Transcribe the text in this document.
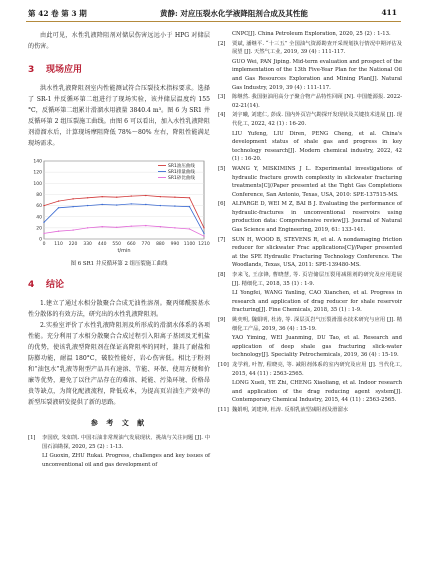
第 42 卷 第 3 期	黄静: 对应压裂水化学液降阻剂合成及其性能	411

由此可见，水性乳液降阻剂对储层伤害远远小于 HPG 对储层的伤害。

3 现场应用

洪水性乳液降阻剂室内性能测试符合压裂技术指标要求。选择了 SR-1 井反循环第二组进行了现场实验，该井储层温度约 155 °C，反循环第二组累计滑溜水用液量 3840.4 m³。图 6 为 SR1 井反循环第 2 组压裂施工曲线。由图 6 可以看出，加入水性乳液降阻剂滑溜水后，计算现场摩阻降低 78%～80% 左右，降阻性能满足现场需求。

0
20
40
60
80
100
120
140
0 110 220 330 440 550 660 770 880 990 1100 1210
t/min
SR1油压曲线
SR1排量曲线
SR1砂比曲线
图 6 SR1 井反循环第 2 组压裂施工曲线
4 结论

1.建立了通过水相分散聚合合成无油性溶剂。聚丙烯酰胺基水性分散体的有效方法，研究出的水性乳液降阻剂。

2.实验室评价了水性乳液降阻剂及所形成的滑溜水体系的各项性能。充分利用了水相分散聚合合成过程引入阳离子基团及无机盐的优势，使该乳液型降阻剂在保证高降阻率的同时，兼具了耐盐和防膨功能，耐温 180°C，破胶性能好，岩心伤害低。相比于粉剂和“油包水”乳液等附型产品具有速溶、节能、环保、使用方便和价廉等优势，避免了以往产品存在的难溶、耗能、污染环境、价格昂贵等缺点，为简化配液流程，降低成本，为提高页岩油生产效率的新型压裂液研发提供了新的思路。

参 考 文 献
[1]	李国欣, 朱如凯. 中国石油非常规油气发展现状、挑战与关注问题 [J]. 中国石油勘探, 2020, 25 (2) : 1-13.
LI Guoxin, ZHU Rukai. Progress, challenges and key issues of unconventional oil and gas development of
CNPC[J]. China Petroleum Exploration, 2020, 25 (2) : 1-13.
[2]	贾斌, 潘继平. “十三五” 全国油气资源勘查开采规划执行情况中期评估及展望 [J]. 天然气工业, 2019, 39 (4) : 111-117.
GUO Wei, PAN Jiping. Mid-term evaluation and prospect of the implementation of the 13th Five-Year Plan for the National Oil and Gas Resources Exploration and Mining Plan[J]. Natural Gas Industry, 2019, 39 (4) : 111-117.
[3]	陈继然. 我国驱油用高分子聚合物产品特性回顾 [N]. 中国能源报. 2022-02-21(14).
[4]	刘宇曦, 刘建仁, 彭成. 国内外页岩气勘探开发现状及关键技术进展 [J]. 现代化工, 2022, 42 (1) : 16-20.
LIU Yufeng, LIU Diren, PENG Cheng, et al. China's development status of shale gas and progress in key technology research[J]. Modern chemical industry, 2022, 42 (1) : 16-20.
[5]	WANG Y, MISKIMINS J L. Experimental investigations of hydraulic fracture growth complexity in slickwater fracturing treatments[C]//Paper presented at the Tight Gas Completions Conference, San Antonio, Texas, USA, 2010: SPE-137515-MS.
[6]	ALFARGE D, WEI M Z, BAI B J. Evaluating the performance of hydraulic-fractures in unconventional reservoirs using production data: Comprehensive review[J]. Journal of Natural Gas Science and Engineering, 2019, 61: 133-141.
[7]	SUN H, WOOD B, STEVENS R, et al. A nondamaging friction reducer for slickwater Frac applications[C]//Paper presented at the SPE Hydraulic Fracturing Technology Conference. The Woodlands, Texas, USA, 2011: SPE-139480-MS.
[8]	李来飞, 王彦锋, 曹晓慧, 等. 页岩储层压裂用减阻剂的研究及应用进展 [J]. 精细化工, 2018, 35 (1) : 1-9.
LI Yongfei, WANG Yanling, CAO Xianchen, et al. Progress in research and application of drag reducer for shale reservoir fracturing[J]. Fine Chemicals, 2018, 35 (1) : 1-9.
[9]	姚奕明, 魏娟明, 杜涛, 等. 深层页岩气压裂滑溜水技术研究与应用 [J]. 精细化工产品, 2019, 36 (4) : 15-19.
YAO Yiming, WEI Juanming, DU Tao, et al. Research and application of deep shale gas fracturing slick-water technology[J]. Speciality Petrochemicals, 2019, 36 (4) : 15-19.
[10] 龙学莉, 叶智, 程晓亮, 等. 减阻剂体系的室内研究及应用 [J]. 当代化工, 2015, 44 (11) : 2563-2565.
LONG Xueli, YE Zhi, CHENG Xiaoliang, et al. Indoor research and application of the drag reducing agent system[J]. Contemporary Chemical Industry, 2015, 44 (11) : 2563-2565.
[11] 魏娟明, 刘建坤, 杜涛. 反相乳液型减阻剂及滑溜水
